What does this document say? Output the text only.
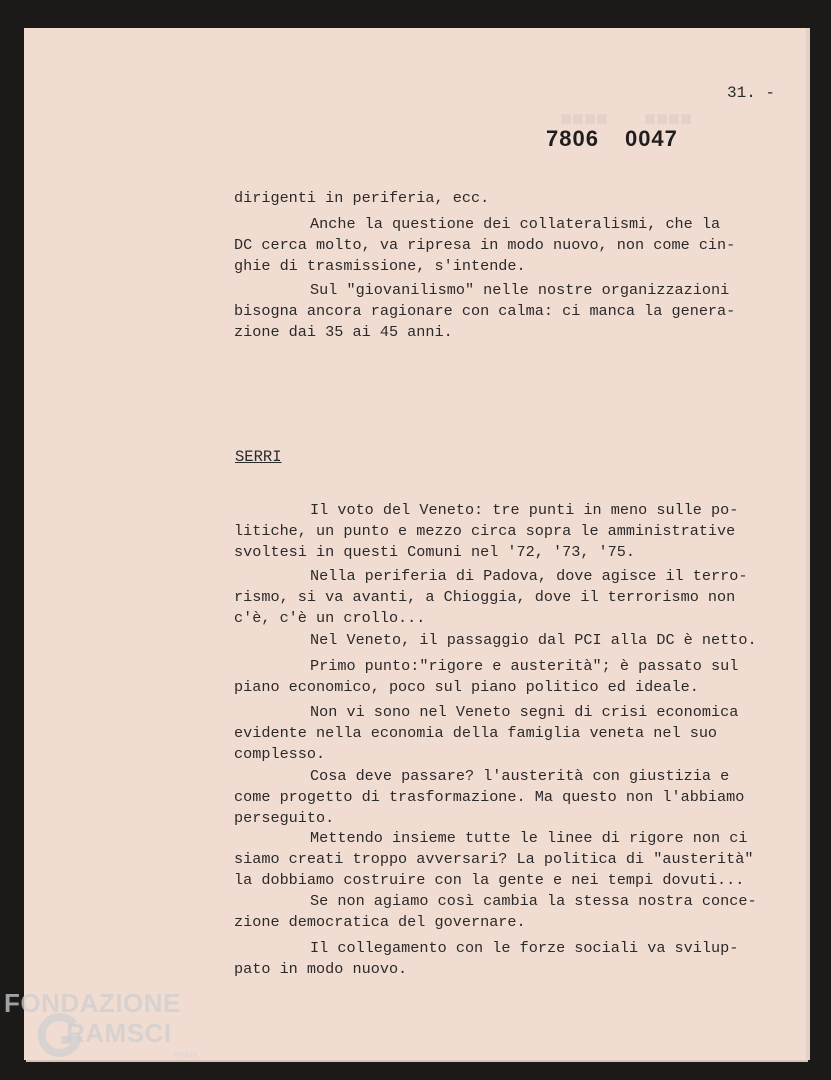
31. -
7806 0047
dirigenti in periferia, ecc.
Anche la questione dei collateralismi, che la
DC cerca molto, va ripresa in modo nuovo, non come cin-
ghie di trasmissione, s'intende.
Sul "giovanilismo" nelle nostre organizzazioni
bisogna ancora ragionare con calma: ci manca la genera-
zione dai 35 ai 45 anni.
SERRI
Il voto del Veneto: tre punti in meno sulle po-
litiche, un punto e mezzo circa sopra le amministrative
svoltesi in questi Comuni nel '72, '73, '75.
Nella periferia di Padova, dove agisce il terro-
rismo, si va avanti, a Chioggia, dove il terrorismo non
c'è, c'è un crollo...
Nel Veneto, il passaggio dal PCI alla DC è netto.
Primo punto:"rigore e austerità"; è passato sul
piano economico, poco sul piano politico ed ideale.
Non vi sono nel Veneto segni di crisi economica
evidente nella economia della famiglia veneta nel suo
complesso.
Cosa deve passare? l'austerità con giustizia e
come progetto di trasformazione. Ma questo non l'abbiamo
perseguito.
Mettendo insieme tutte le linee di rigore non ci
siamo creati troppo avversari? La politica di "austerità"
la dobbiamo costruire con la gente e nei tempi dovuti...
Se non agiamo così cambia la stessa nostra conce-
zione democratica del governare.
Il collegamento con le forze sociali va svilup-
pato in modo nuovo.
FONDAZIONE
RAMSCI
onlus
